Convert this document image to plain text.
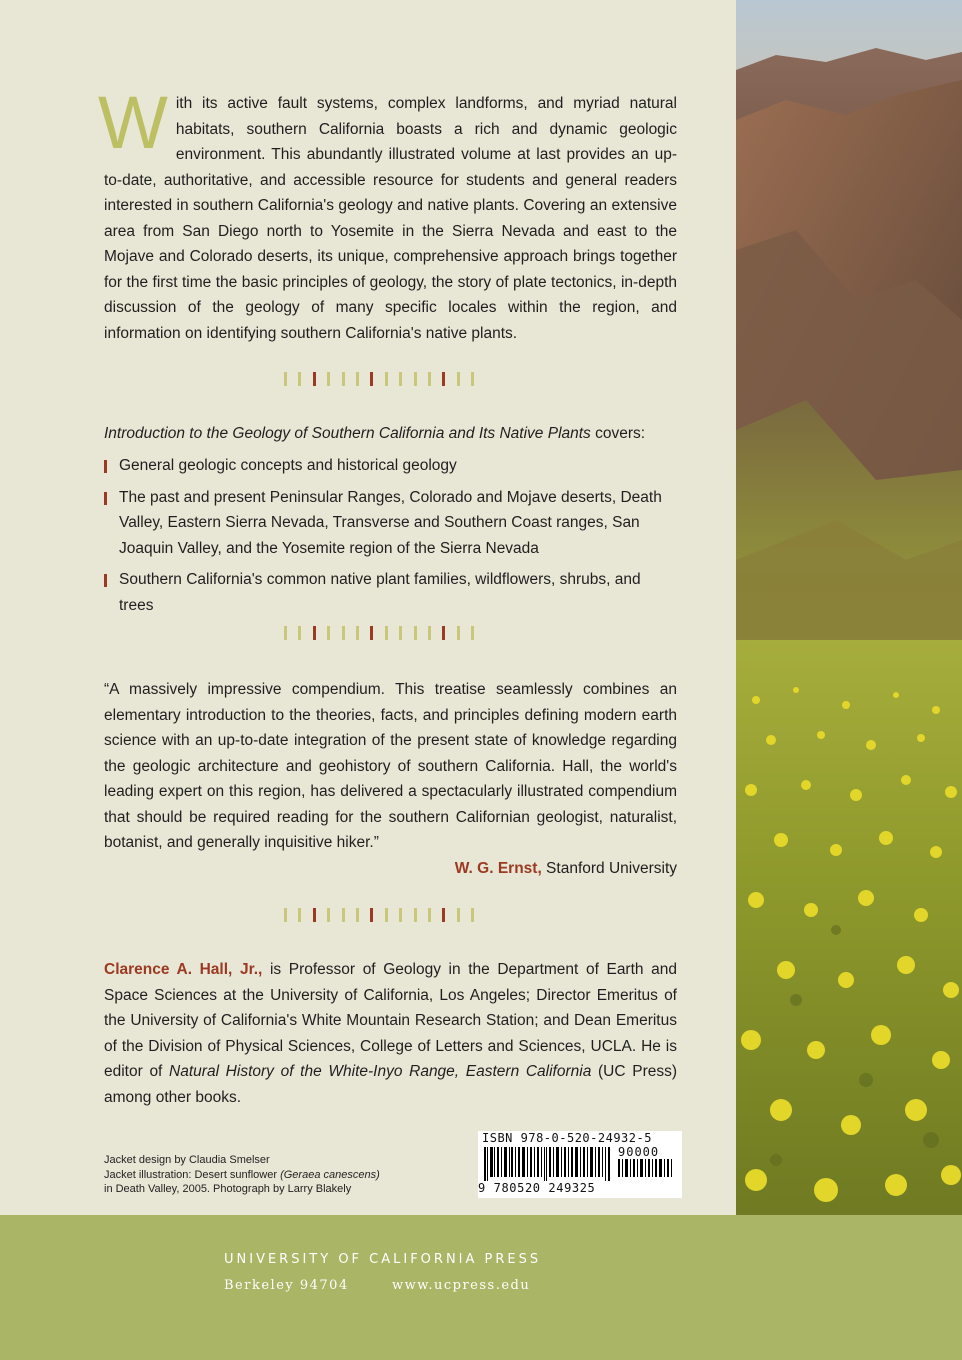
With its active fault systems, complex landforms, and myriad natural habitats, southern California boasts a rich and dynamic geologic environment. This abundantly illustrated volume at last provides an up-to-date, authoritative, and accessible resource for students and general readers interested in southern California's geology and native plants. Covering an extensive area from San Diego north to Yosemite in the Sierra Nevada and east to the Mojave and Colorado deserts, its unique, comprehensive approach brings together for the first time the basic principles of geology, the story of plate tectonics, in-depth discussion of the geology of many specific locales within the region, and information on identifying southern California's native plants.
Introduction to the Geology of Southern California and Its Native Plants covers:
General geologic concepts and historical geology
The past and present Peninsular Ranges, Colorado and Mojave deserts, Death Valley, Eastern Sierra Nevada, Transverse and Southern Coast ranges, San Joaquin Valley, and the Yosemite region of the Sierra Nevada
Southern California's common native plant families, wildflowers, shrubs, and trees
“A massively impressive compendium. This treatise seamlessly combines an elementary introduction to the theories, facts, and principles defining modern earth science with an up-to-date integration of the present state of knowledge regarding the geologic architecture and geohistory of southern California. Hall, the world's leading expert on this region, has delivered a spectacularly illustrated compendium that should be required reading for the southern Californian geologist, naturalist, botanist, and generally inquisitive hiker.”
W. G. Ernst, Stanford University
Clarence A. Hall, Jr., is Professor of Geology in the Department of Earth and Space Sciences at the University of California, Los Angeles; Director Emeritus of the University of California's White Mountain Research Station; and Dean Emeritus of the Division of Physical Sciences, College of Letters and Sciences, UCLA. He is editor of Natural History of the White-Inyo Range, Eastern California (UC Press) among other books.
Jacket design by Claudia Smelser
Jacket illustration: Desert sunflower (Geraea canescens)
in Death Valley, 2005. Photograph by Larry Blakely
ISBN 978-0-520-24932-5
90000
9 780520 249325
UNIVERSITY OF CALIFORNIA PRESS
Berkeley 94704	www.ucpress.edu
